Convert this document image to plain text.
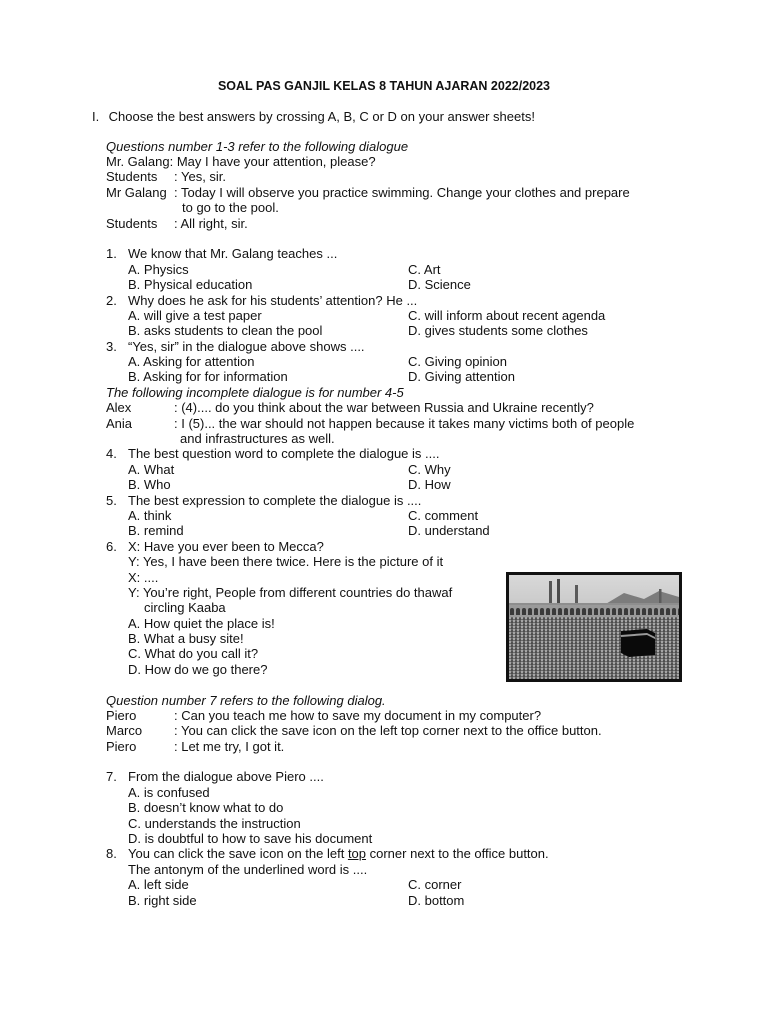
SOAL PAS GANJIL KELAS 8 TAHUN AJARAN 2022/2023
I. Choose the best answers by crossing A, B, C or D on your answer sheets!
Questions number 1-3 refer to the following dialogue
Mr. Galang: May I have your attention, please?
Students : Yes, sir.
Mr Galang : Today I will observe you practice swimming. Change your clothes and prepare
to go to the pool.
Students : All right, sir.
1. We know that Mr. Galang teaches ...
A. Physics	C. Art
B. Physical education	D. Science
2. Why does he ask for his students’ attention? He ...
A. will give a test paper	C. will inform about recent agenda
B. asks students to clean the pool	D. gives students some clothes
3. “Yes, sir” in the dialogue above shows ....
A. Asking for attention	C. Giving opinion
B. Asking for for information	D. Giving attention
The following incomplete dialogue is for number 4-5
Alex	: (4).... do you think about the war between Russia and Ukraine recently?
Ania	: I (5)... the war should not happen because it takes many victims both of people
and infrastructures as well.
4. The best question word to complete the dialogue is ....
A. What	C. Why
B. Who	D. How
5. The best expression to complete the dialogue is ....
A. think	C. comment
B. remind	D. understand
6. X: Have you ever been to Mecca?
Y: Yes, I have been there twice. Here is the picture of it
X: ....
Y: You’re right, People from different countries do thawaf
circling Kaaba
A. How quiet the place is!
B. What a busy site!
C. What do you call it?
D. How do we go there?
Question number 7 refers to the following dialog.
Piero	: Can you teach me how to save my document in my computer?
Marco : You can click the save icon on the left top corner next to the office button.
Piero	: Let me try, I got it.
7. From the dialogue above Piero ....
A. is confused
B. doesn’t know what to do
C. understands the instruction
D. is doubtful to how to save his document
8. You can click the save icon on the left top corner next to the office button.
The antonym of the underlined word is ....
A. left side	C. corner
B. right side	D. bottom
